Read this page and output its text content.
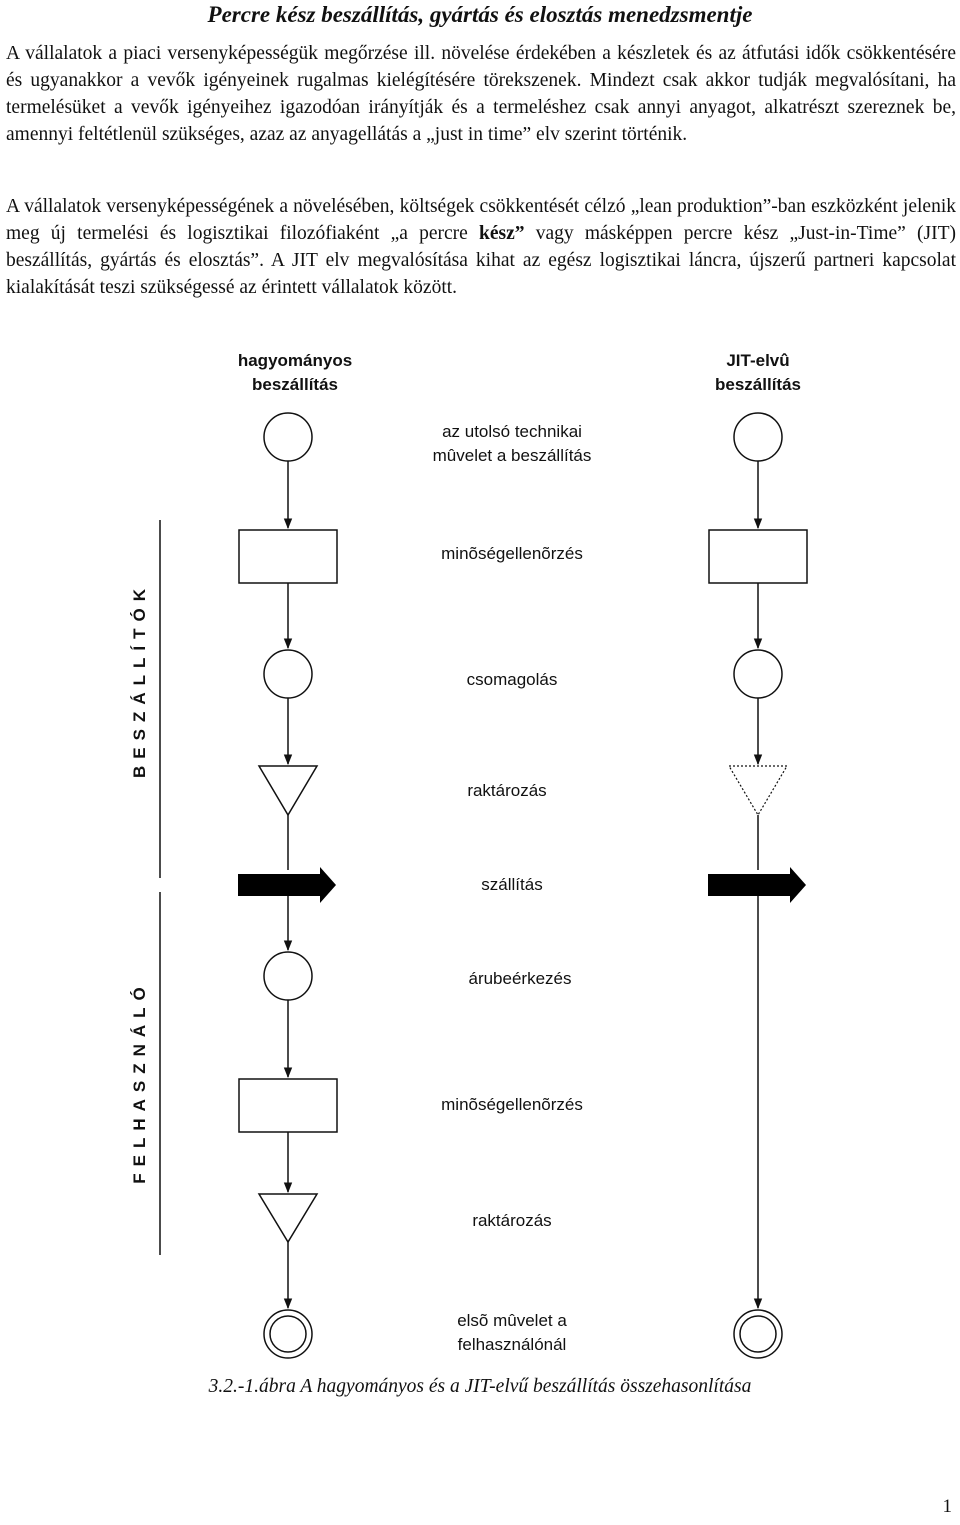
Percre kész beszállítás, gyártás és elosztás menedzsmentje
A vállalatok a piaci versenyképességük megőrzése ill. növelése érdekében a készletek és az átfutási idők csökkentésére és ugyanakkor a vevők igényeinek rugalmas kielégítésére törekszenek. Mindezt csak akkor tudják megvalósítani, ha termelésüket a vevők igényeihez igazodóan irányítják és a termeléshez csak annyi anyagot, alkatrészt szereznek be, amennyi feltétlenül szükséges, azaz az anyagellátás a „just in time” elv szerint történik.
A vállalatok versenyképességének a növelésében, költségek csökkentését célzó „lean produktion”-ban eszközként jelenik meg új termelési és logisztikai filozófiaként „a percre kész” vagy másképpen percre kész „Just-in-Time” (JIT) beszállítás, gyártás és elosztás”. A JIT elv megvalósítása kihat az egész logisztikai láncra, újszerű partneri kapcsolat kialakítását teszi szükségessé az érintett vállalatok között.
hagyományos
beszállítás
JIT-elvû
beszállítás
az utolsó technikai
mûvelet a beszállítás
minõségellenõrzés
csomagolás
raktározás
szállítás
árubeérkezés
minõségellenõrzés
raktározás
elsõ mûvelet a
felhasználónál
BESZÁLLÍTÓK
FELHASZNÁLÓ
3.2.-1.ábra A hagyományos és a JIT-elvű beszállítás összehasonlítása
1
